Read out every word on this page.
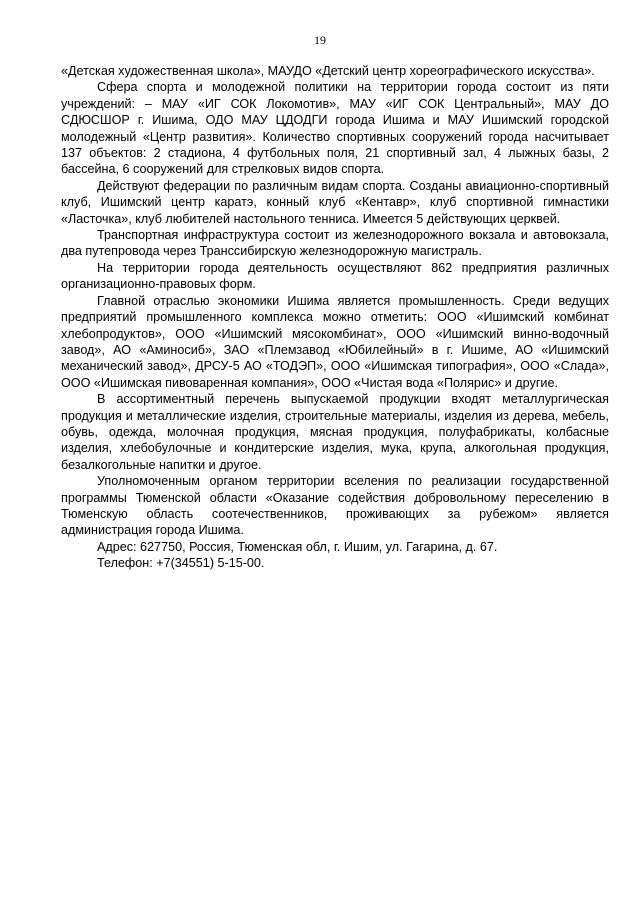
19

«Детская художественная школа», МАУДО «Детский центр хореографического искусства».

Сфера спорта и молодежной политики на территории города состоит из пяти учреждений: – МАУ «ИГ СОК Локомотив», МАУ «ИГ СОК Центральный», МАУ ДО СДЮСШОР г. Ишима, ОДО МАУ ЦДОДГИ города Ишима и МАУ Ишимский городской молодежный «Центр развития». Количество спортивных сооружений города насчитывает 137 объектов: 2 стадиона, 4 футбольных поля, 21 спортивный зал, 4 лыжных базы, 2 бассейна, 6 сооружений для стрелковых видов спорта.

Действуют федерации по различным видам спорта. Созданы авиационно-спортивный клуб, Ишимский центр каратэ, конный клуб «Кентавр», клуб спортивной гимнастики «Ласточка», клуб любителей настольного тенниса. Имеется 5 действующих церквей.

Транспортная инфраструктура состоит из железнодорожного вокзала и автовокзала, два путепровода через Транссибирскую железнодорожную магистраль.

На территории города деятельность осуществляют 862 предприятия различных организационно-правовых форм.

Главной отраслью экономики Ишима является промышленность. Среди ведущих предприятий промышленного комплекса можно отметить: ООО «Ишимский комбинат хлебопродуктов», ООО «Ишимский мясокомбинат», ООО «Ишимский винно-водочный завод», АО «Аминосиб», ЗАО «Племзавод «Юбилейный» в г. Ишиме, АО «Ишимский механический завод», ДРСУ-5 АО «ТОДЭП», ООО «Ишимская типография», ООО «Слада», ООО «Ишимская пивоваренная компания», ООО «Чистая вода «Полярис» и другие.

В ассортиментный перечень выпускаемой продукции входят металлургическая продукция и металлические изделия, строительные материалы, изделия из дерева, мебель, обувь, одежда, молочная продукция, мясная продукция, полуфабрикаты, колбасные изделия, хлебобулочные и кондитерские изделия, мука, крупа, алкогольная продукция, безалкогольные напитки и другое.

Уполномоченным органом территории вселения по реализации государственной программы Тюменской области «Оказание содействия добровольному переселению в Тюменскую область соотечественников, проживающих за рубежом» является администрация города Ишима.

Адрес: 627750, Россия, Тюменская обл, г. Ишим, ул. Гагарина, д. 67.

Телефон: +7(34551) 5-15-00.
